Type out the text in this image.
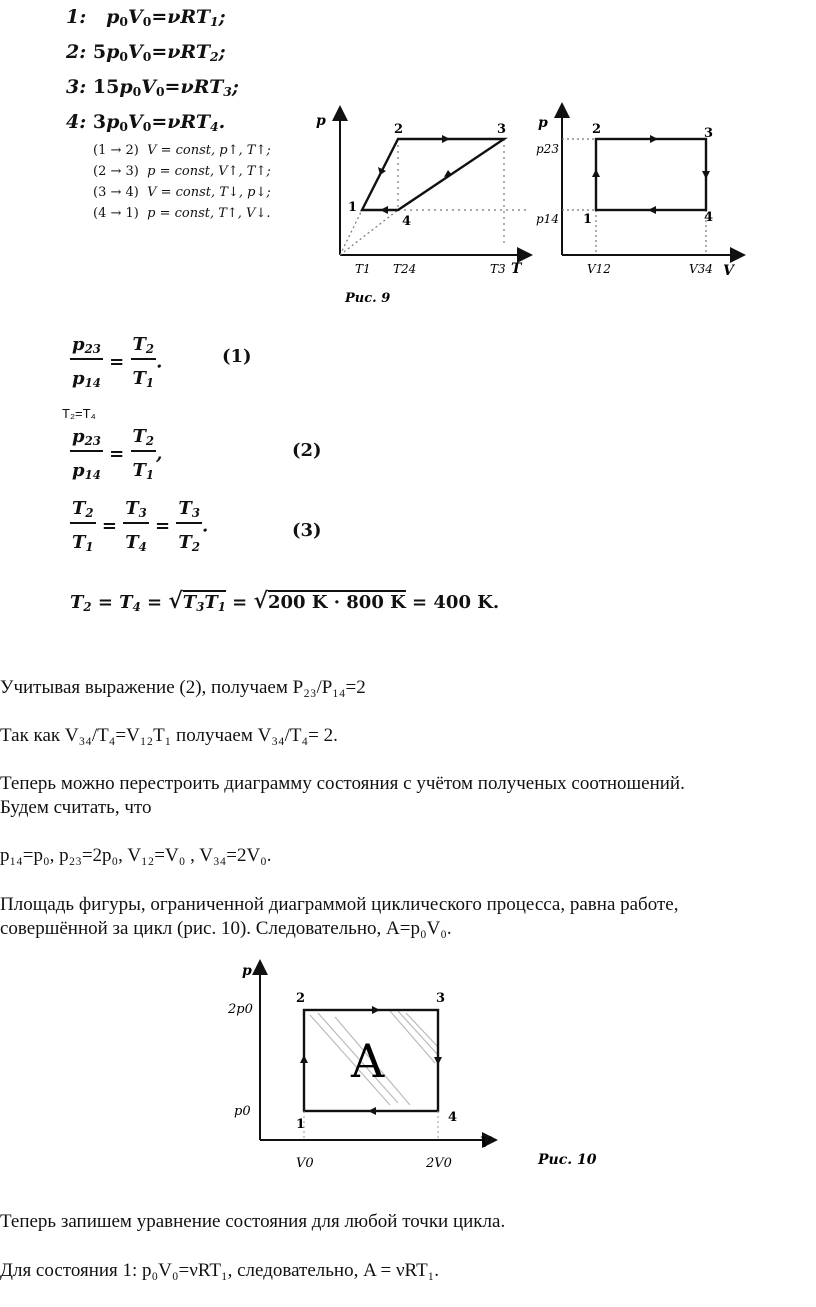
1:   $p_0V_0=\nu RT_1$;
2: $5p_0V_0=\nu RT_2$;
3: $15p_0V_0=\nu RT_3$;
4: $3p_0V_0=\nu RT_4$.
(1 → 2) V = const, p↑, T↑;
(2 → 3) p = const, V↑, T↑;
(3 → 4) V = const, T↓, p↓;
(4 → 1) p = const, T↑, V↓.
p
T
1
2	3
4
T1 T24	T3
p
V
1
2	3
4
p23
p14
V12	V34
Рис. 9
$\frac{p_{23}}{p_{14}} = \frac{T_2}{T_1}$ .	(1)
T₂=T₄
$\frac{p_{23}}{p_{14}} = \frac{T_2}{T_1}$ ,	(2)
$\frac{T_2}{T_1} = \frac{T_3}{T_4} = \frac{T_3}{T_2}$ .	(3)
$T_2 = T_4 = √T_3T_1 = √200$ K · 800 K = 400 K.
Учитывая выражение (2), получаем P₂₃/P₁₄=2
Так как V₃₄/T₄=V₁₂T₁ получаем V₃₄/T₄= 2.
Теперь можно перестроить диаграмму состояния с учётом полученых соотношений.
Будем считать, что
p₁₄=p₀, p₂₃=2p₀, V₁₂=V₀ , V₃₄=2V₀.
Площадь фигуры, ограниченной диаграммой циклического процесса, равна работе,
совершённой за цикл (рис. 10). Следовательно, A=p₀V₀.
p
V
A
1
2	3
4
2p0
p0
V0	2V0	Рис. 10
Теперь запишем уравнение состояния для любой точки цикла.
Для состояния 1: p₀V₀=νRT₁, следовательно, A = νRT₁.
